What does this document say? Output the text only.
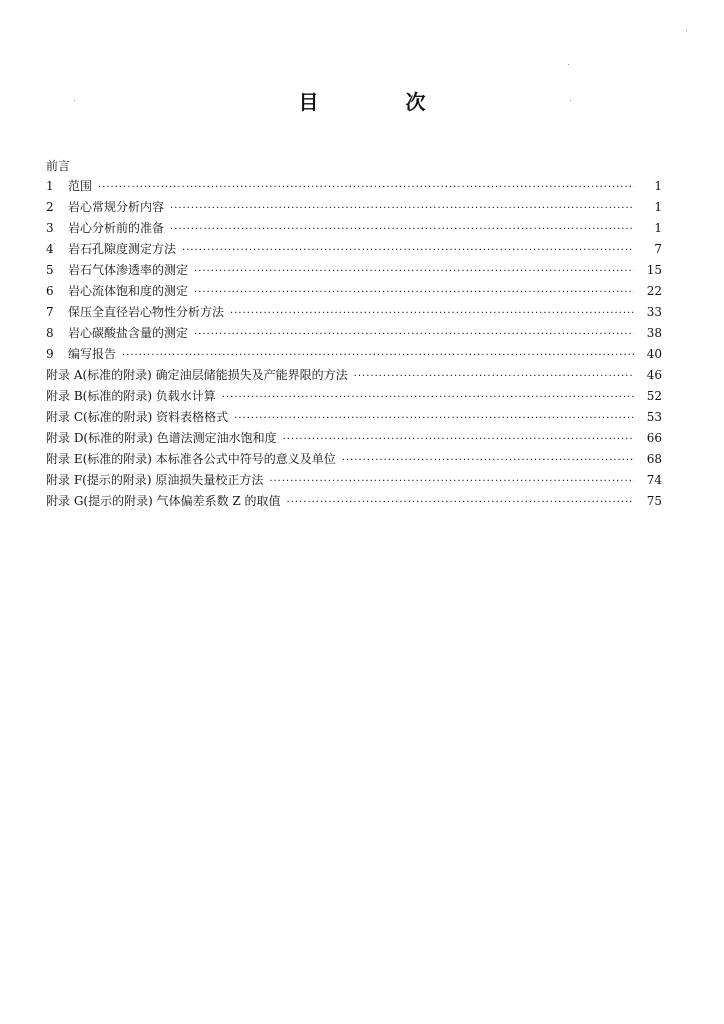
目 次
前言
1	范围 ·····	1
2	岩心常规分析内容 ·····	1
3	岩心分析前的准备 ·····	1
4	岩石孔隙度测定方法 ·····	7
5	岩石气体渗透率的测定 ·····	15
6	岩心流体饱和度的测定 ·····	22
7	保压全直径岩心物性分析方法 ·····	33
8	岩心碳酸盐含量的测定 ·····	38
9	编写报告 ·····	40
附录 A(标准的附录) 确定油层储能损失及产能界限的方法 ·····	46
附录 B(标准的附录) 负载水计算 ·····	52
附录 C(标准的附录) 资料表格格式 ·····	53
附录 D(标准的附录) 色谱法测定油水饱和度 ·····	66
附录 E(标准的附录) 本标准各公式中符号的意义及单位 ·····	68
附录 F(提示的附录) 原油损失量校正方法 ·····	74
附录 G(提示的附录) 气体偏差系数 Z 的取值 ·····	75
